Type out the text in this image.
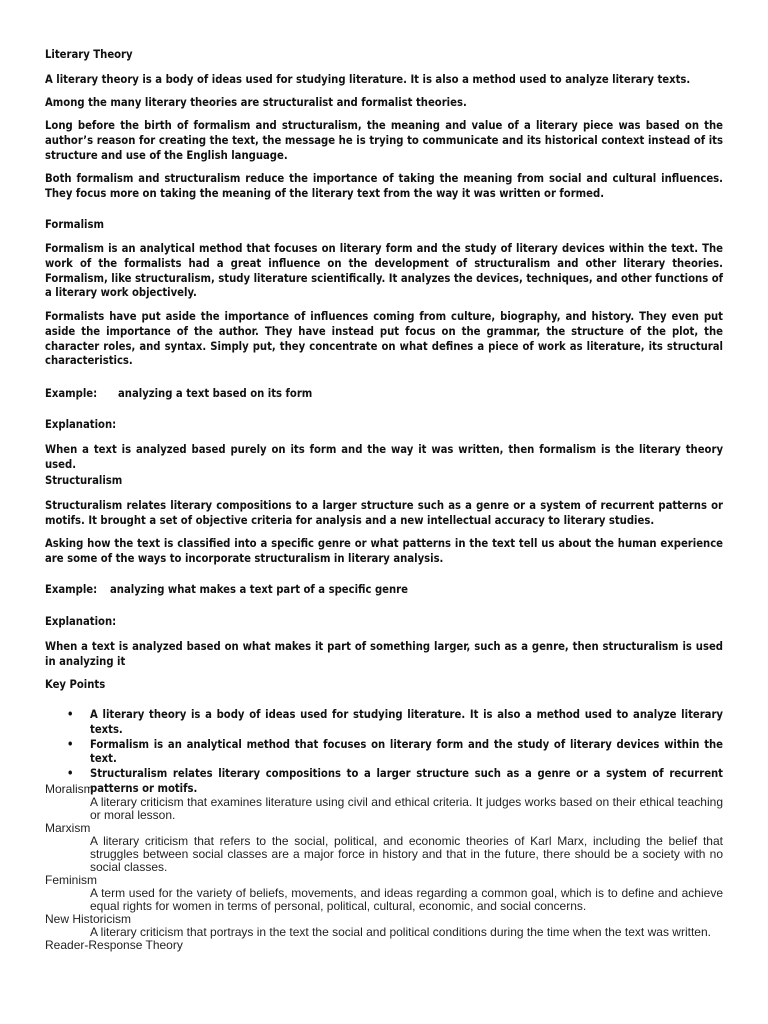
Literary Theory

A literary theory is a body of ideas used for studying literature. It is also a method used to analyze literary texts.

Among the many literary theories are structuralist and formalist theories.

Long before the birth of formalism and structuralism, the meaning and value of a literary piece was based on the author’s reason for creating the text, the message he is trying to communicate and its historical context instead of its structure and use of the English language.

Both formalism and structuralism reduce the importance of taking the meaning from social and cultural influences. They focus more on taking the meaning of the literary text from the way it was written or formed.

Formalism

Formalism is an analytical method that focuses on literary form and the study of literary devices within the text. The work of the formalists had a great influence on the development of structuralism and other literary theories. Formalism, like structuralism, study literature scientifically. It analyzes the devices, techniques, and other functions of a literary work objectively.

Formalists have put aside the importance of influences coming from culture, biography, and history. They even put aside the importance of the author. They have instead put focus on the grammar, the structure of the plot, the character roles, and syntax. Simply put, they concentrate on what defines a piece of work as literature, its structural characteristics.

Example: analyzing a text based on its form
Explanation:

When a text is analyzed based purely on its form and the way it was written, then formalism is the literary theory used.

Structuralism

Structuralism relates literary compositions to a larger structure such as a genre or a system of recurrent patterns or motifs. It brought a set of objective criteria for analysis and a new intellectual accuracy to literary studies.

Asking how the text is classified into a specific genre or what patterns in the text tell us about the human experience are some of the ways to incorporate structuralism in literary analysis.

Example: analyzing what makes a text part of a specific genre
Explanation:

When a text is analyzed based on what makes it part of something larger, such as a genre, then structuralism is used in analyzing it

Key Points
• A literary theory is a body of ideas used for studying literature. It is also a method used to analyze literary texts.
• Formalism is an analytical method that focuses on literary form and the study of literary devices within the text.
• Structuralism relates literary compositions to a larger structure such as a genre or a system of recurrent patterns or motifs.
Moralism
A literary criticism that examines literature using civil and ethical criteria. It judges works based on their ethical teaching or moral lesson.
Marxism
A literary criticism that refers to the social, political, and economic theories of Karl Marx, including the belief that struggles between social classes are a major force in history and that in the future, there should be a society with no social classes.
Feminism
A term used for the variety of beliefs, movements, and ideas regarding a common goal, which is to define and achieve equal rights for women in terms of personal, political, cultural, economic, and social concerns.
New Historicism
A literary criticism that portrays in the text the social and political conditions during the time when the text was written.
Reader-Response Theory
